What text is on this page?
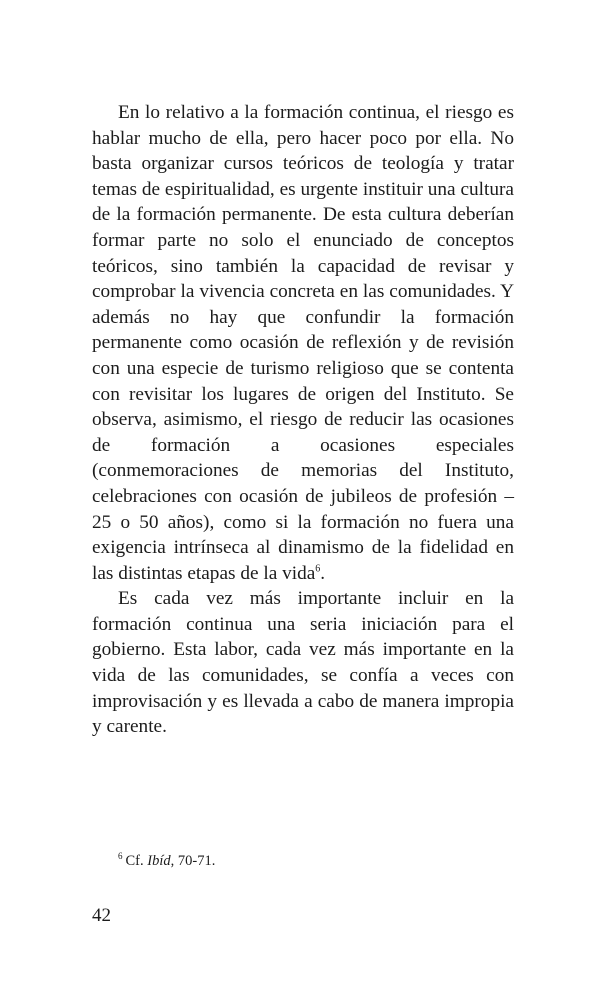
En lo relativo a la formación continua, el riesgo es hablar mucho de ella, pero hacer poco por ella. No basta organizar cursos teóricos de teología y tratar temas de espiritualidad, es urgente instituir una cultura de la formación permanente. De esta cultura deberían formar parte no solo el enunciado de conceptos teóricos, sino también la capacidad de revisar y comprobar la vivencia concreta en las comunidades. Y además no hay que confundir la formación permanente como ocasión de reflexión y de revisión con una especie de turismo religioso que se contenta con revisitar los lugares de origen del Instituto. Se observa, asimismo, el riesgo de reducir las ocasiones de formación a ocasiones especiales (conmemoraciones de memorias del Instituto, celebraciones con ocasión de jubileos de profesión – 25 o 50 años), como si la formación no fuera una exigencia intrínseca al dinamismo de la fidelidad en las distintas etapas de la vida$^6$.

Es cada vez más importante incluir en la formación continua una seria iniciación para el gobierno. Esta labor, cada vez más importante en la vida de las comunidades, se confía a veces con improvisación y es llevada a cabo de manera impropia y carente.

$^6$ Cf. Ibíd, 70-71.

42
